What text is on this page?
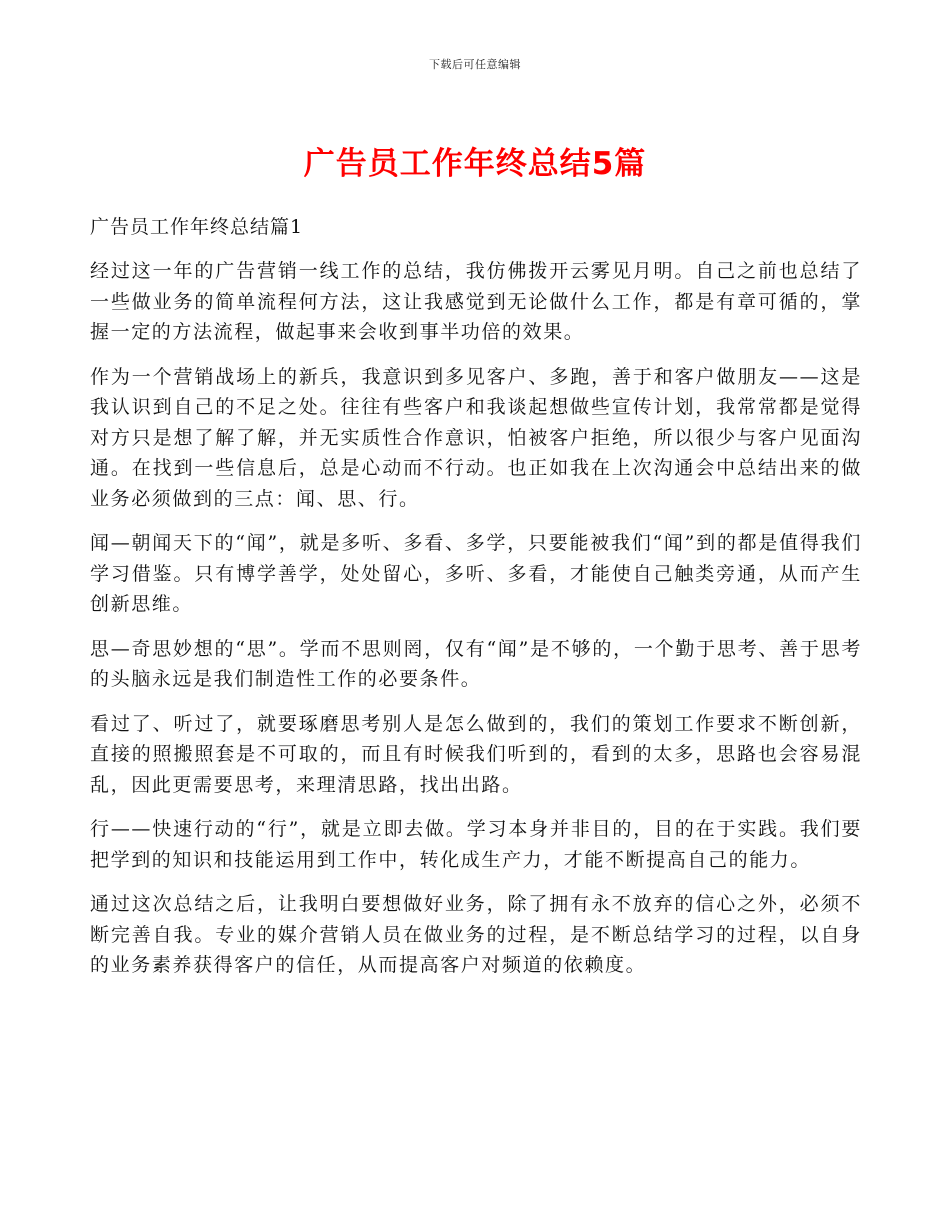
下载后可任意编辑
广告员工作年终总结5篇

广告员工作年终总结篇1

经过这一年的广告营销一线工作的总结，我仿佛拨开云雾见月明。自己之前也总结了一些做业务的简单流程何方法，这让我感觉到无论做什么工作，都是有章可循的，掌握一定的方法流程，做起事来会收到事半功倍的效果。

作为一个营销战场上的新兵，我意识到多见客户、多跑，善于和客户做朋友——这是我认识到自己的不足之处。往往有些客户和我谈起想做些宣传计划，我常常都是觉得对方只是想了解了解，并无实质性合作意识，怕被客户拒绝，所以很少与客户见面沟通。在找到一些信息后，总是心动而不行动。也正如我在上次沟通会中总结出来的做业务必须做到的三点：闻、思、行。

闻—朝闻天下的“闻”，就是多听、多看、多学，只要能被我们“闻”到的都是值得我们学习借鉴。只有博学善学，处处留心，多听、多看，才能使自己触类旁通，从而产生创新思维。

思—奇思妙想的“思”。学而不思则罔，仅有“闻”是不够的，一个勤于思考、善于思考的头脑永远是我们制造性工作的必要条件。

看过了、听过了，就要琢磨思考别人是怎么做到的，我们的策划工作要求不断创新，直接的照搬照套是不可取的，而且有时候我们听到的，看到的太多，思路也会容易混乱，因此更需要思考，来理清思路，找出出路。

行——快速行动的“行”，就是立即去做。学习本身并非目的，目的在于实践。我们要把学到的知识和技能运用到工作中，转化成生产力，才能不断提高自己的能力。

通过这次总结之后，让我明白要想做好业务，除了拥有永不放弃的信心之外，必须不断完善自我。专业的媒介营销人员在做业务的过程，是不断总结学习的过程，以自身的业务素养获得客户的信任，从而提高客户对频道的依赖度。
